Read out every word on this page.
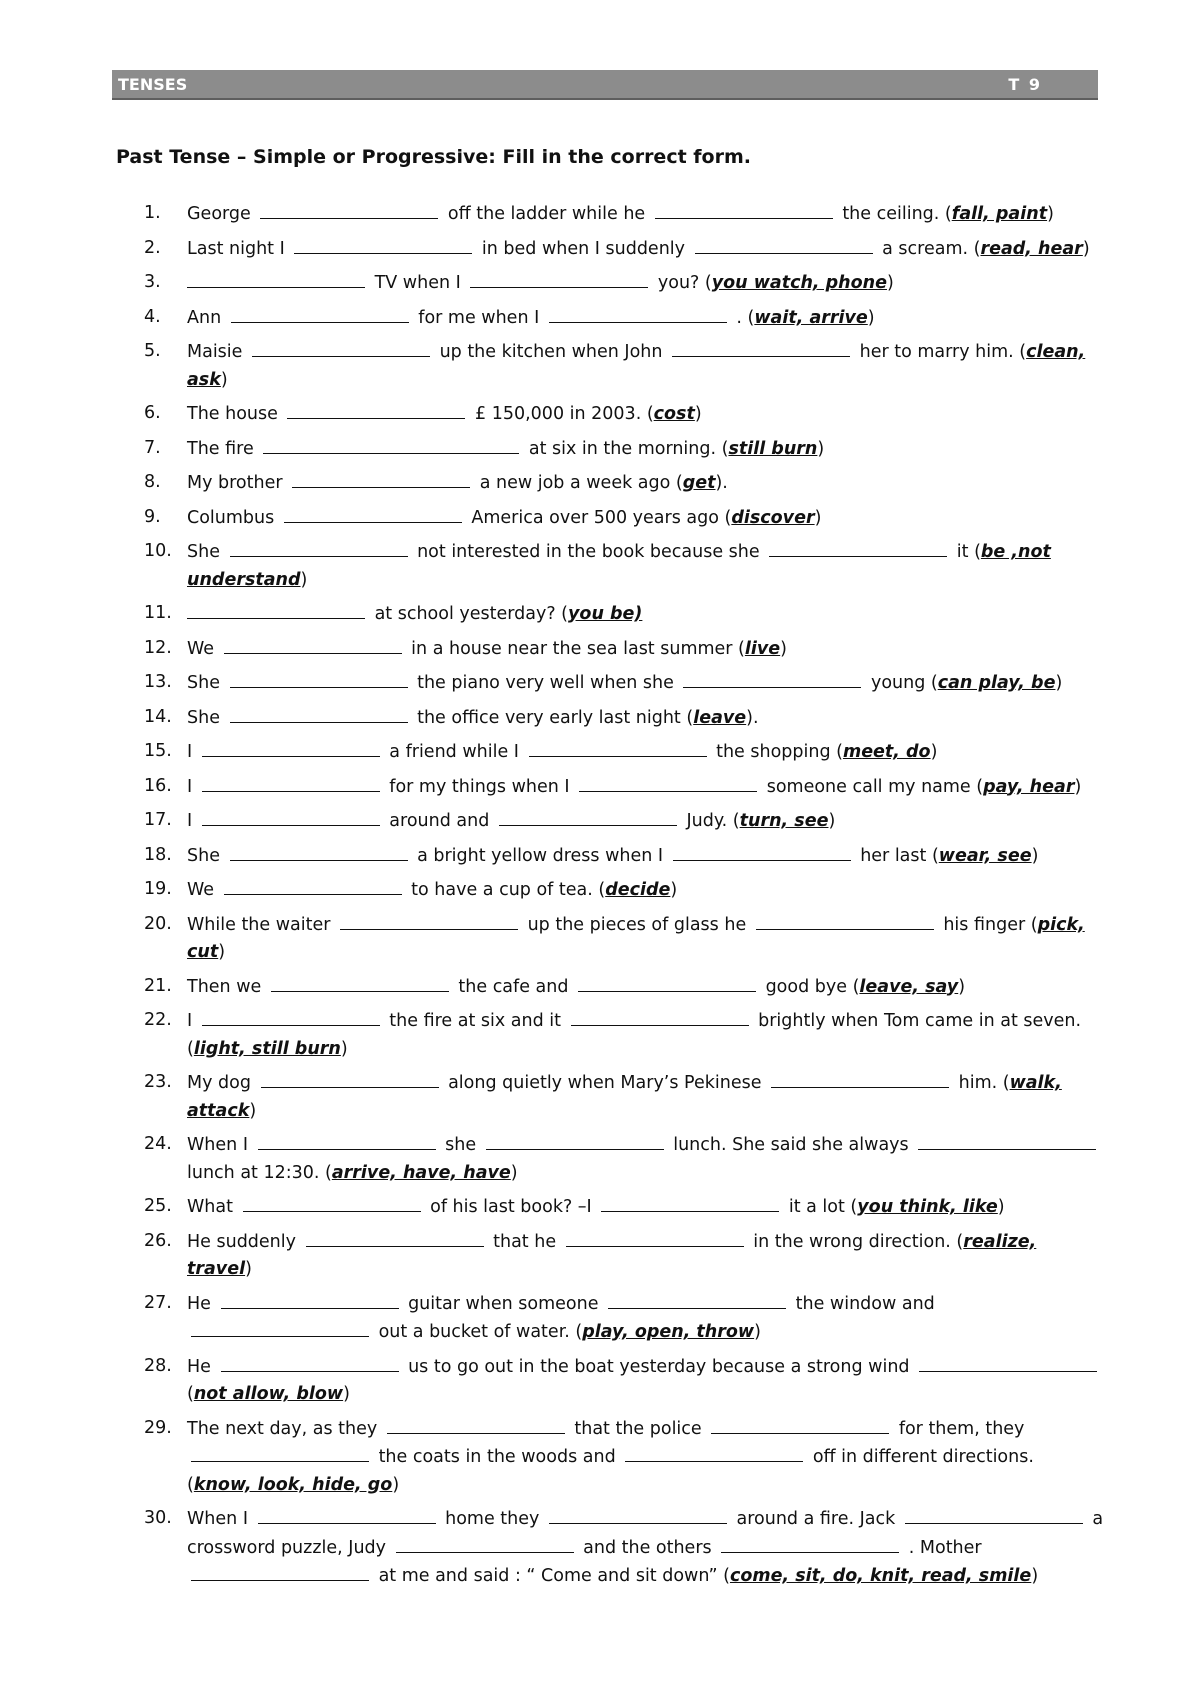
TENSES	T 9
Past Tense – Simple or Progressive: Fill in the correct form.
1.	George	off the ladder while he	the ceiling. (fall, paint)
2.	Last night I	in bed when I suddenly	a scream. (read, hear)
3.	TV when I	you? (you watch, phone)
4.	Ann	for me when I	. (wait, arrive)
5.	Maisie	up the kitchen when John	her to marry him. (clean, ask)
6.	The house	£ 150,000 in 2003. (cost)
7.	The fire	at six in the morning. (still burn)
8.	My brother	a new job a week ago (get).
9.	Columbus	America over 500 years ago (discover)
10. She	not interested in the book because she	it (be ,not understand)
11.	at school yesterday? (you be)
12. We	in a house near the sea last summer (live)
13. She	the piano very well when she	young (can play, be)
14. She	the office very early last night (leave).
15. I	a friend while I	the shopping (meet, do)
16. I	for my things when I	someone call my name (pay, hear)
17. I	around and	Judy. (turn, see)
18. She	a bright yellow dress when I	her last (wear, see)
19. We	to have a cup of tea. (decide)
20. While the waiter	up the pieces of glass he	his finger (pick, cut)
21. Then we	the cafe and	good bye (leave, say)
22. I	the fire at six and it	brightly when Tom came in at seven. (light, still burn)
23. My dog	along quietly when Mary’s Pekinese	him. (walk, attack)
24. When I	she	lunch. She said she always  lunch at 12:30. (arrive, have, have)
25. What	of his last book? –I	it a lot (you think, like)
26. He suddenly	that he	in the wrong direction. (realize, travel)
27. He	guitar when someone	the window and  out a bucket of water. (play, open, throw)
28. He	us to go out in the boat yesterday because a strong wind  (not allow, blow)
29. The next day, as they	that the police	for them, they  the coats in the woods and	off in different directions. (know, look, hide, go)
30. When I	home they	around a fire. Jack	a crossword puzzle, Judy	and the others	. Mother  at me and said : “ Come and sit down” (come, sit, do, knit, read, smile)
